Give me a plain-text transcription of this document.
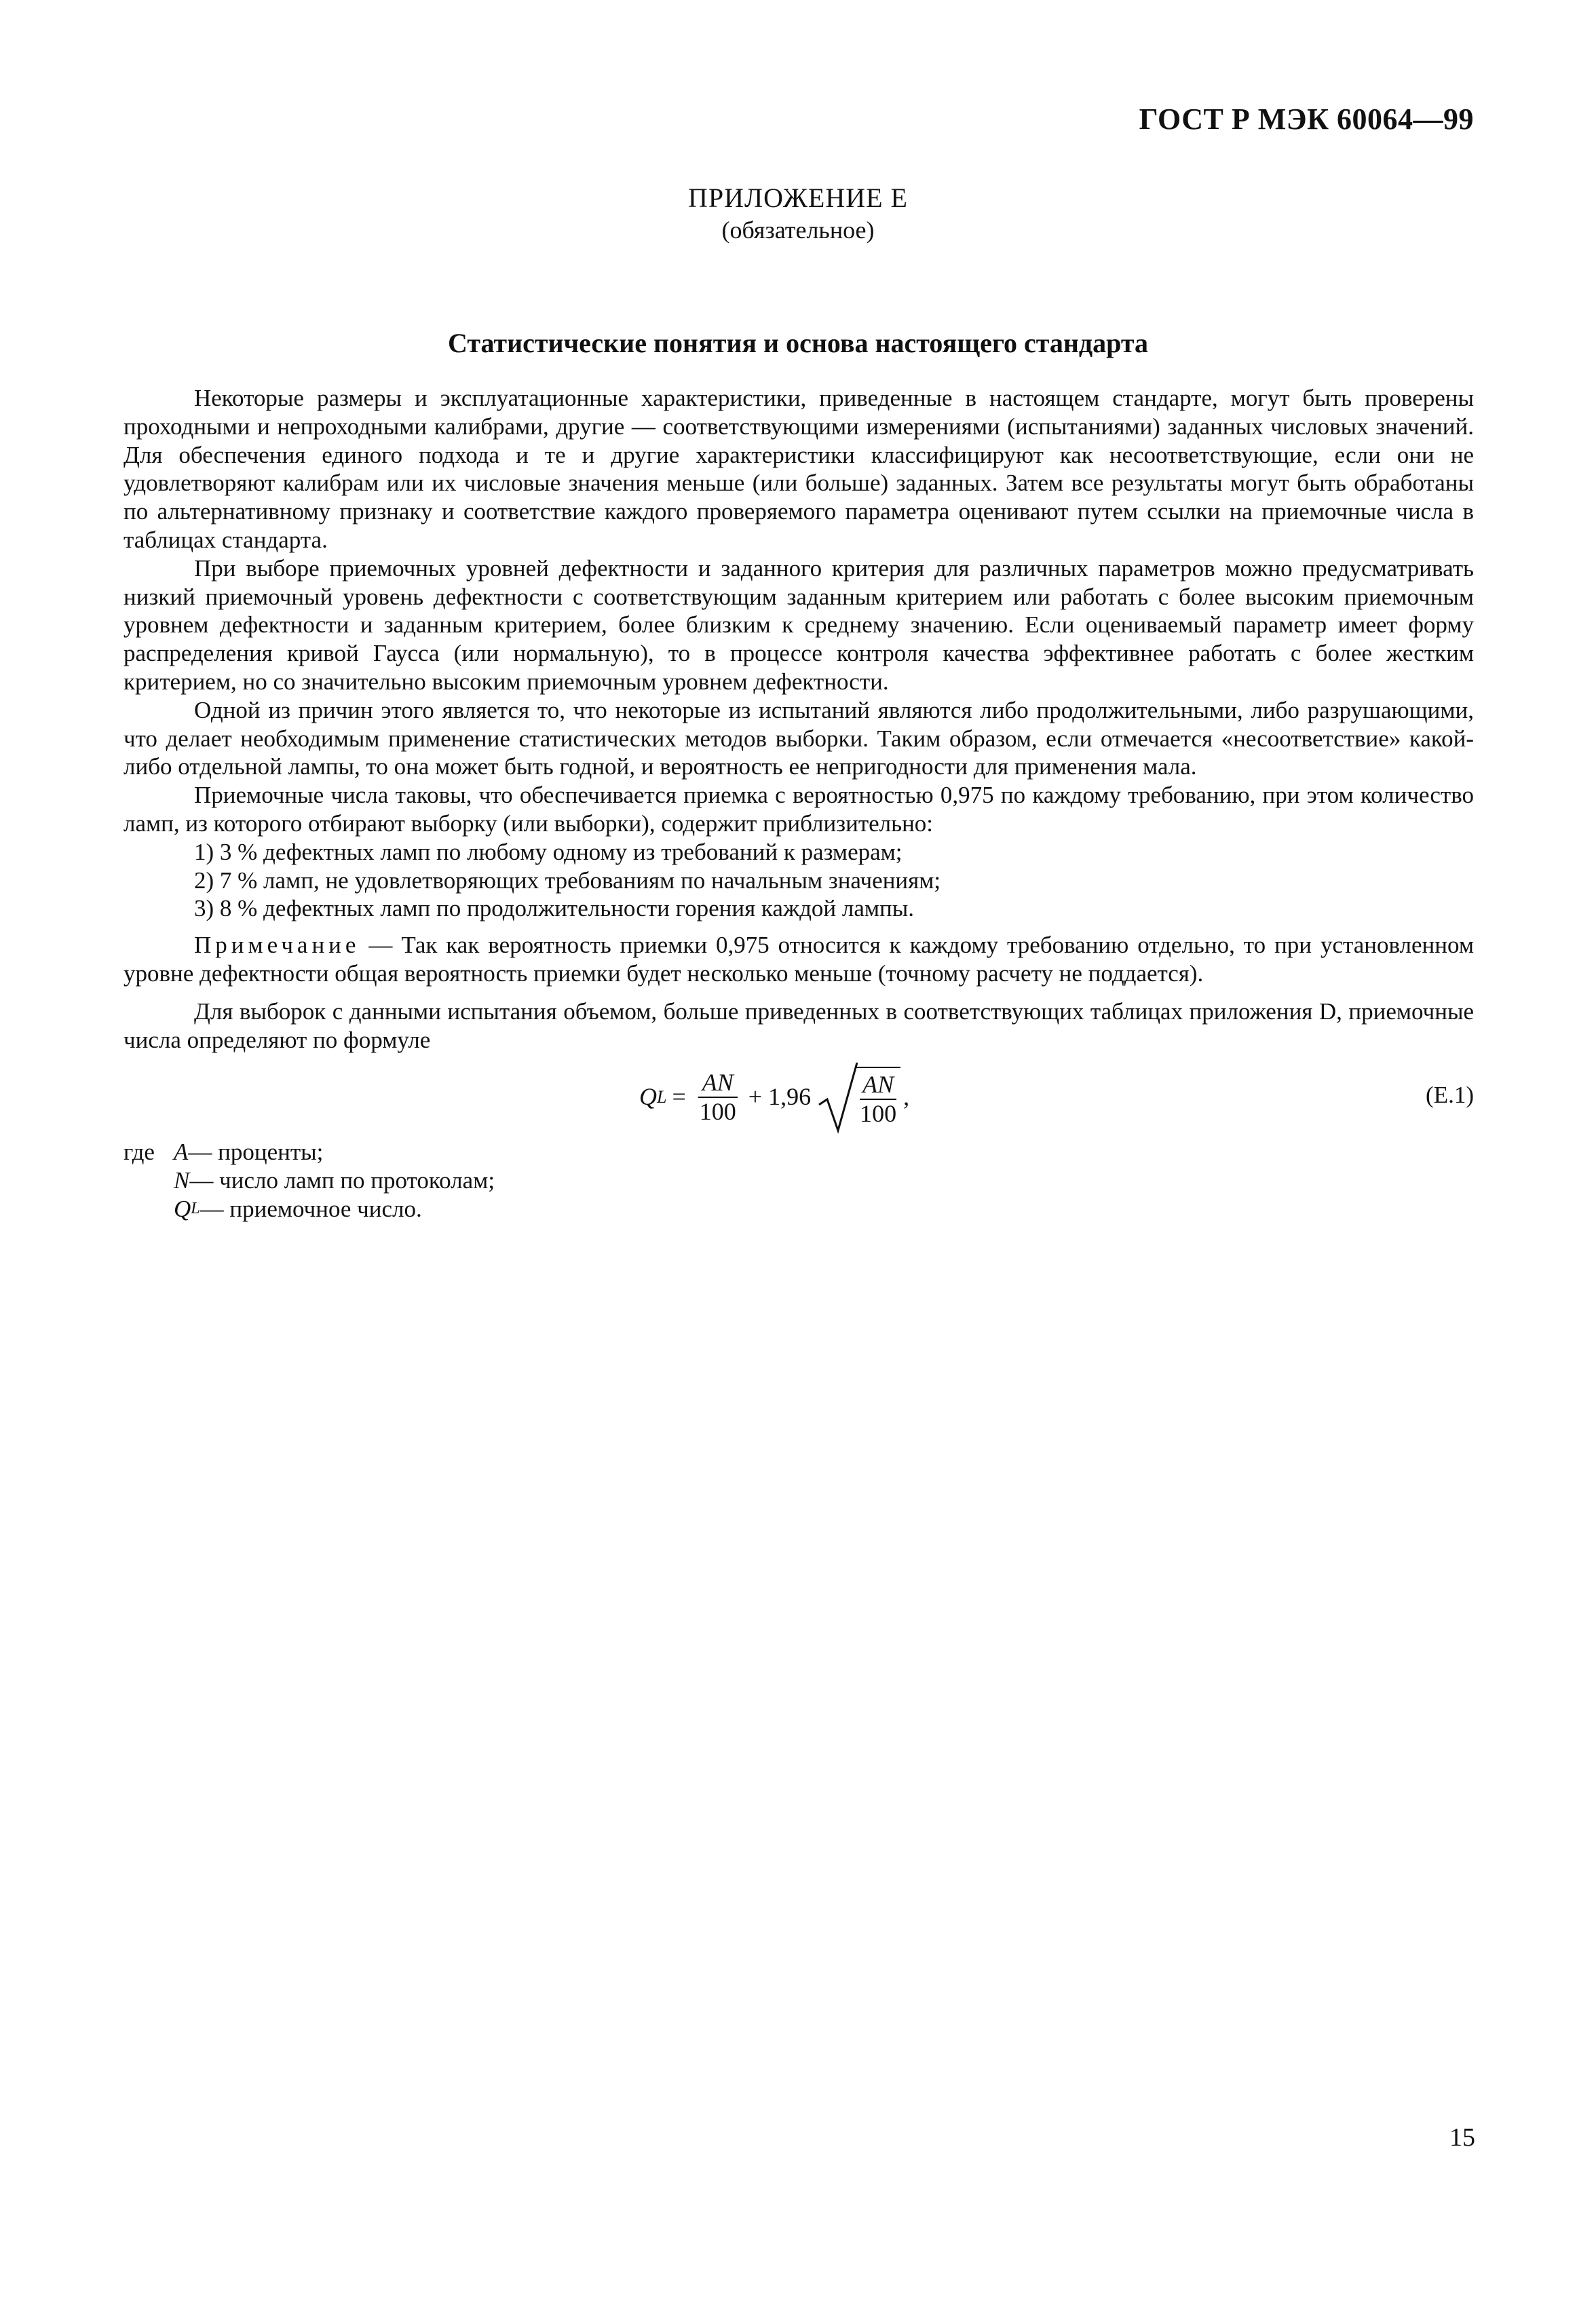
ГОСТ Р МЭК 60064—99
ПРИЛОЖЕНИЕ Е
(обязательное)
Статистические понятия и основа настоящего стандарта

Некоторые размеры и эксплуатационные характеристики, приведенные в настоящем стандарте, могут быть проверены проходными и непроходными калибрами, другие — соответствующими измерениями (испытаниями) заданных числовых значений. Для обеспечения единого подхода и те и другие характеристики классифицируют как несоответствующие, если они не удовлетворяют калибрам или их числовые значения меньше (или больше) заданных. Затем все результаты могут быть обработаны по альтернативному признаку и соответствие каждого проверяемого параметра оценивают путем ссылки на приемочные числа в таблицах стандарта.

При выборе приемочных уровней дефектности и заданного критерия для различных параметров можно предусматривать низкий приемочный уровень дефектности с соответствующим заданным критерием или работать с более высоким приемочным уровнем дефектности и заданным критерием, более близким к среднему значению. Если оцениваемый параметр имеет форму распределения кривой Гаусса (или нормальную), то в процессе контроля качества эффективнее работать с более жестким критерием, но со значительно высоким приемочным уровнем дефектности.

Одной из причин этого является то, что некоторые из испытаний являются либо продолжительными, либо разрушающими, что делает необходимым применение статистических методов выборки. Таким образом, если отмечается «несоответствие» какой-либо отдельной лампы, то она может быть годной, и вероятность ее непригодности для применения мала.

Приемочные числа таковы, что обеспечивается приемка с вероятностью 0,975 по каждому требованию, при этом количество ламп, из которого отбирают выборку (или выборки), содержит приблизительно:

1) 3 % дефектных ламп по любому одному из требований к размерам;
2) 7 % ламп, не удовлетворяющих требованиям по начальным значениям;
3) 8 % дефектных ламп по продолжительности горения каждой лампы.

Примечание — Так как вероятность приемки 0,975 относится к каждому требованию отдельно, то при установленном уровне дефектности общая вероятность приемки будет несколько меньше (точному расчету не поддается).

Для выборок с данными испытания объемом, больше приведенных в соответствующих таблицах приложения D, приемочные числа определяют по формуле

Q $L = \frac{AN}{100} + 1,96 \frac{AN}{100}$ ,	(Е.1)
где A — проценты;
N — число ламп по протоколам;
Q L — приемочное число.
15
